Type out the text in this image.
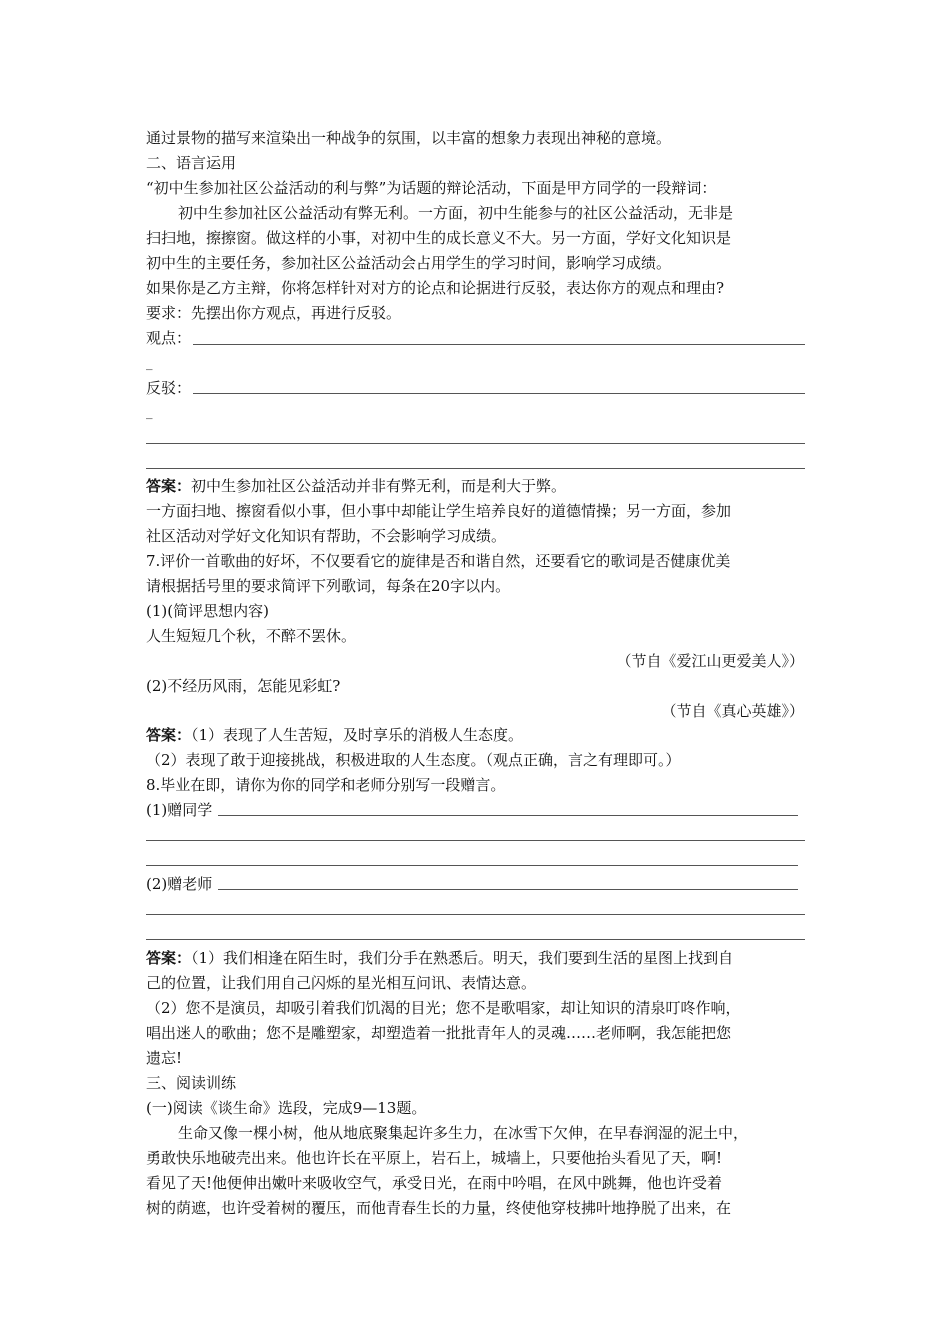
通过景物的描写来渲染出一种战争的氛围，以丰富的想象力表现出神秘的意境。
二、语言运用
“初中生参加社区公益活动的利与弊”为话题的辩论活动，下面是甲方同学的一段辩词：
初中生参加社区公益活动有弊无利。一方面，初中生能参与的社区公益活动，无非是
扫扫地，擦擦窗。做这样的小事，对初中生的成长意义不大。另一方面，学好文化知识是
初中生的主要任务，参加社区公益活动会占用学生的学习时间，影响学习成绩。
如果你是乙方主辩，你将怎样针对对方的论点和论据进行反驳，表达你方的观点和理由?
要求：先摆出你方观点，再进行反驳。
观点：
_
反驳：
_
答案：初中生参加社区公益活动并非有弊无利，而是利大于弊。
一方面扫地、擦窗看似小事，但小事中却能让学生培养良好的道德情操；另一方面，参加
社区活动对学好文化知识有帮助，不会影响学习成绩。
7.评价一首歌曲的好坏，不仅要看它的旋律是否和谐自然，还要看它的歌词是否健康优美
请根据括号里的要求简评下列歌词，每条在20字以内。
(1)(简评思想内容)
人生短短几个秋，不醉不罢休。
（节自《爱江山更爱美人》）
(2)不经历风雨，怎能见彩虹?
（节自《真心英雄》）
答案：（1）表现了人生苦短，及时享乐的消极人生态度。
（2）表现了敢于迎接挑战，积极进取的人生态度。（观点正确，言之有理即可。）
8.毕业在即，请你为你的同学和老师分别写一段赠言。
(1)赠同学
(2)赠老师
答案：（1）我们相逢在陌生时，我们分手在熟悉后。明天，我们要到生活的星图上找到自
己的位置，让我们用自己闪烁的星光相互问讯、表情达意。
（2）您不是演员，却吸引着我们饥渴的目光；您不是歌唱家，却让知识的清泉叮咚作响，
唱出迷人的歌曲；您不是雕塑家，却塑造着一批批青年人的灵魂……老师啊，我怎能把您
遗忘!
三、阅读训练
(一)阅读《谈生命》选段，完成9—13题。
生命又像一棵小树，他从地底聚集起许多生力，在冰雪下欠伸，在早春润湿的泥土中，
勇敢快乐地破壳出来。他也许长在平原上，岩石上，城墙上，只要他抬头看见了天，啊!
看见了天!他便伸出嫩叶来吸收空气，承受日光，在雨中吟唱，在风中跳舞，他也许受着
树的荫遮，也许受着树的覆压，而他青春生长的力量，终使他穿枝拂叶地挣脱了出来，在
